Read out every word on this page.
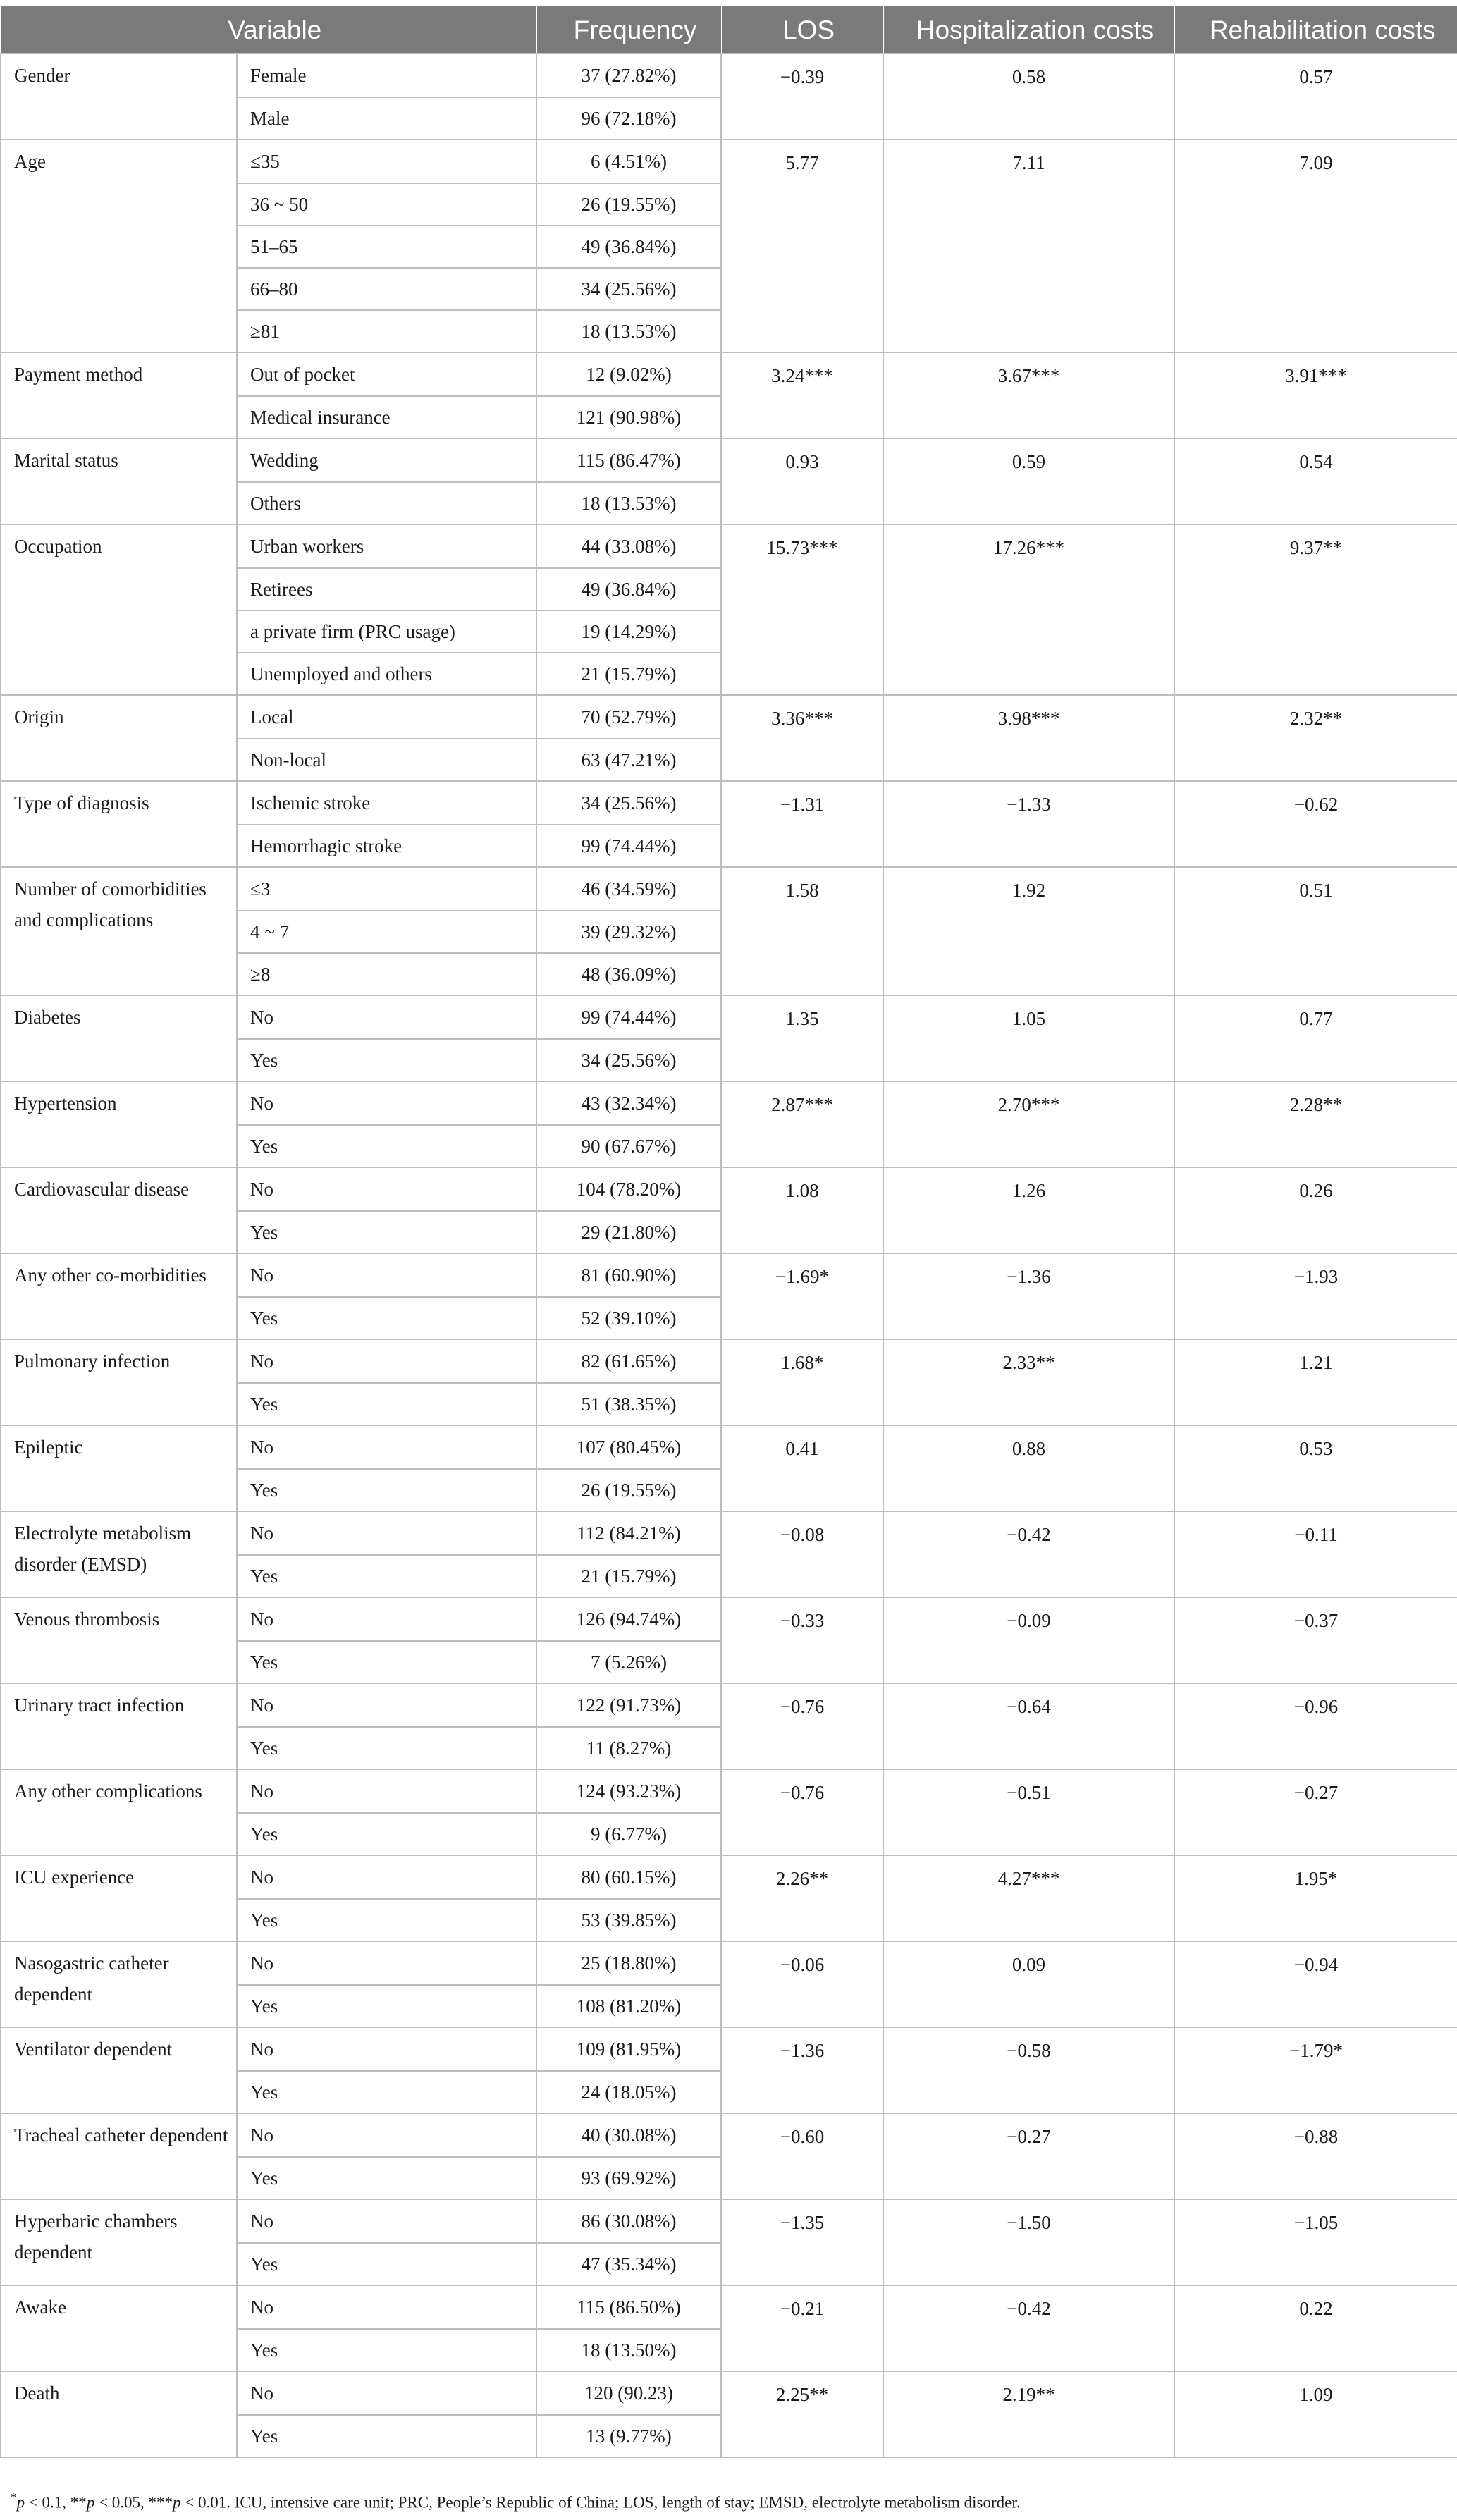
Variable		Frequency	LOS	Hospitalization costs	Rehabilitation costs
Gender	Female	37 (27.82%)	−0.39	0.58	0.57
	Male	96 (72.18%)			
Age	≤35	6 (4.51%)	5.77	7.11	7.09
	36 ~ 50	26 (19.55%)			
	51–65	49 (36.84%)			
	66–80	34 (25.56%)			
	≥81	18 (13.53%)			
Payment method	Out of pocket	12 (9.02%)	3.24***	3.67***	3.91***
	Medical insurance	121 (90.98%)			
Marital status	Wedding	115 (86.47%)	0.93	0.59	0.54
	Others	18 (13.53%)			
Occupation	Urban workers	44 (33.08%)	15.73***	17.26***	9.37**
	Retirees	49 (36.84%)			
	a private firm (PRC usage)	19 (14.29%)			
	Unemployed and others	21 (15.79%)			
Origin	Local	70 (52.79%)	3.36***	3.98***	2.32**
	Non-local	63 (47.21%)			
Type of diagnosis	Ischemic stroke	34 (25.56%)	−1.31	−1.33	−0.62
	Hemorrhagic stroke	99 (74.44%)			
Number of comorbidities and complications	≤3	46 (34.59%)	1.58	1.92	0.51
	4 ~ 7	39 (29.32%)			
	≥8	48 (36.09%)			
Diabetes	No	99 (74.44%)	1.35	1.05	0.77
	Yes	34 (25.56%)			
Hypertension	No	43 (32.34%)	2.87***	2.70***	2.28**
	Yes	90 (67.67%)			
Cardiovascular disease	No	104 (78.20%)	1.08	1.26	0.26
	Yes	29 (21.80%)			
Any other co-morbidities	No	81 (60.90%)	−1.69*	−1.36	−1.93
	Yes	52 (39.10%)			
Pulmonary infection	No	82 (61.65%)	1.68*	2.33**	1.21
	Yes	51 (38.35%)			
Epileptic	No	107 (80.45%)	0.41	0.88	0.53
	Yes	26 (19.55%)			
Electrolyte metabolism disorder (EMSD)	No	112 (84.21%)	−0.08	−0.42	−0.11
	Yes	21 (15.79%)			
Venous thrombosis	No	126 (94.74%)	−0.33	−0.09	−0.37
	Yes	7 (5.26%)			
Urinary tract infection	No	122 (91.73%)	−0.76	−0.64	−0.96
	Yes	11 (8.27%)			
Any other complications	No	124 (93.23%)	−0.76	−0.51	−0.27
	Yes	9 (6.77%)			
ICU experience	No	80 (60.15%)	2.26**	4.27***	1.95*
	Yes	53 (39.85%)			
Nasogastric catheter dependent	No	25 (18.80%)	−0.06	0.09	−0.94
	Yes	108 (81.20%)			
Ventilator dependent	No	109 (81.95%)	−1.36	−0.58	−1.79*
	Yes	24 (18.05%)			
Tracheal catheter dependent	No	40 (30.08%)	−0.60	−0.27	−0.88
	Yes	93 (69.92%)			
Hyperbaric chambers dependent	No	86 (30.08%)	−1.35	−1.50	−1.05
	Yes	47 (35.34%)			
Awake	No	115 (86.50%)	−0.21	−0.42	0.22
	Yes	18 (13.50%)			
Death	No	120 (90.23)	2.25**	2.19**	1.09
	Yes	13 (9.77%)			
*p < 0.1, **p < 0.05, ***p < 0.01. ICU, intensive care unit; PRC, People’s Republic of China; LOS, length of stay; EMSD, electrolyte metabolism disorder.
